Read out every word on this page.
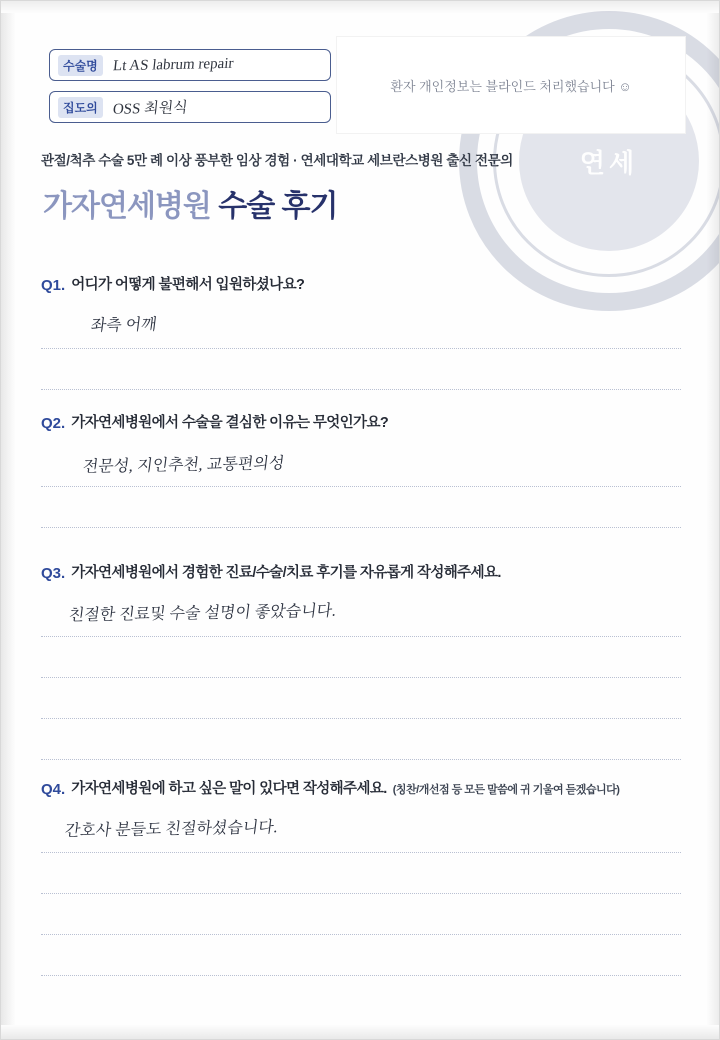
연세
수술명 Lt AS labrum repair
집도의 OSS 최원식
환자 개인정보는 블라인드 처리했습니다 ☺
관절/척추 수술 5만 례 이상 풍부한 임상 경험 · 연세대학교 세브란스병원 출신 전문의
가자연세병원 수술 후기
Q1. 어디가 어떻게 불편해서 입원하셨나요?
좌측 어깨
Q2. 가자연세병원에서 수술을 결심한 이유는 무엇인가요?
전문성, 지인추천, 교통편의성
Q3. 가자연세병원에서 경험한 진료/수술/치료 후기를 자유롭게 작성해주세요.
친절한 진료및 수술 설명이 좋았습니다.
Q4. 가자연세병원에 하고 싶은 말이 있다면 작성해주세요. (칭찬/개선점 등 모든 말씀에 귀 기울여 듣겠습니다)
간호사 분들도 친절하셨습니다.
